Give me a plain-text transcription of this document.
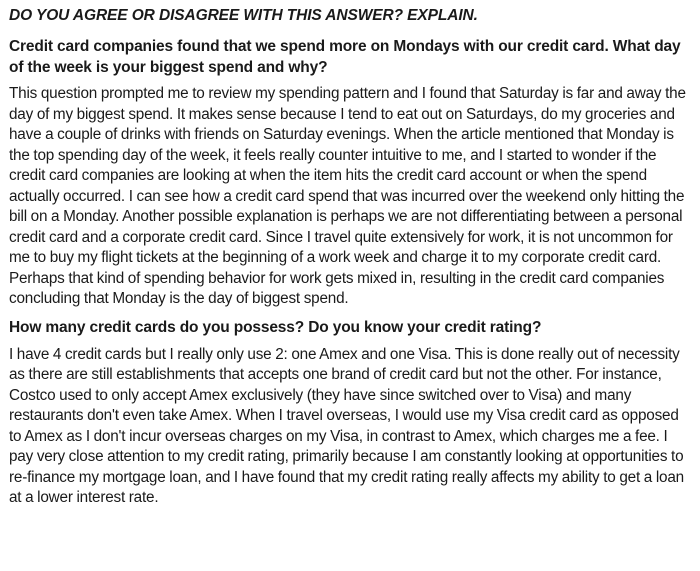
DO YOU AGREE OR DISAGREE WITH THIS ANSWER? EXPLAIN.
Credit card companies found that we spend more on Mondays with our credit card. What day of the week is your biggest spend and why?
This question prompted me to review my spending pattern and I found that Saturday is far and away the day of my biggest spend. It makes sense because I tend to eat out on Saturdays, do my groceries and have a couple of drinks with friends on Saturday evenings. When the article mentioned that Monday is the top spending day of the week, it feels really counter intuitive to me, and I started to wonder if the credit card companies are looking at when the item hits the credit card account or when the spend actually occurred. I can see how a credit card spend that was incurred over the weekend only hitting the bill on a Monday. Another possible explanation is perhaps we are not differentiating between a personal credit card and a corporate credit card. Since I travel quite extensively for work, it is not uncommon for me to buy my flight tickets at the beginning of a work week and charge it to my corporate credit card. Perhaps that kind of spending behavior for work gets mixed in, resulting in the credit card companies concluding that Monday is the day of biggest spend.
How many credit cards do you possess? Do you know your credit rating?
I have 4 credit cards but I really only use 2: one Amex and one Visa. This is done really out of necessity as there are still establishments that accepts one brand of credit card but not the other. For instance, Costco used to only accept Amex exclusively (they have since switched over to Visa) and many restaurants don't even take Amex. When I travel overseas, I would use my Visa credit card as opposed to Amex as I don't incur overseas charges on my Visa, in contrast to Amex, which charges me a fee. I pay very close attention to my credit rating, primarily because I am constantly looking at opportunities to re-finance my mortgage loan, and I have found that my credit rating really affects my ability to get a loan at a lower interest rate.
